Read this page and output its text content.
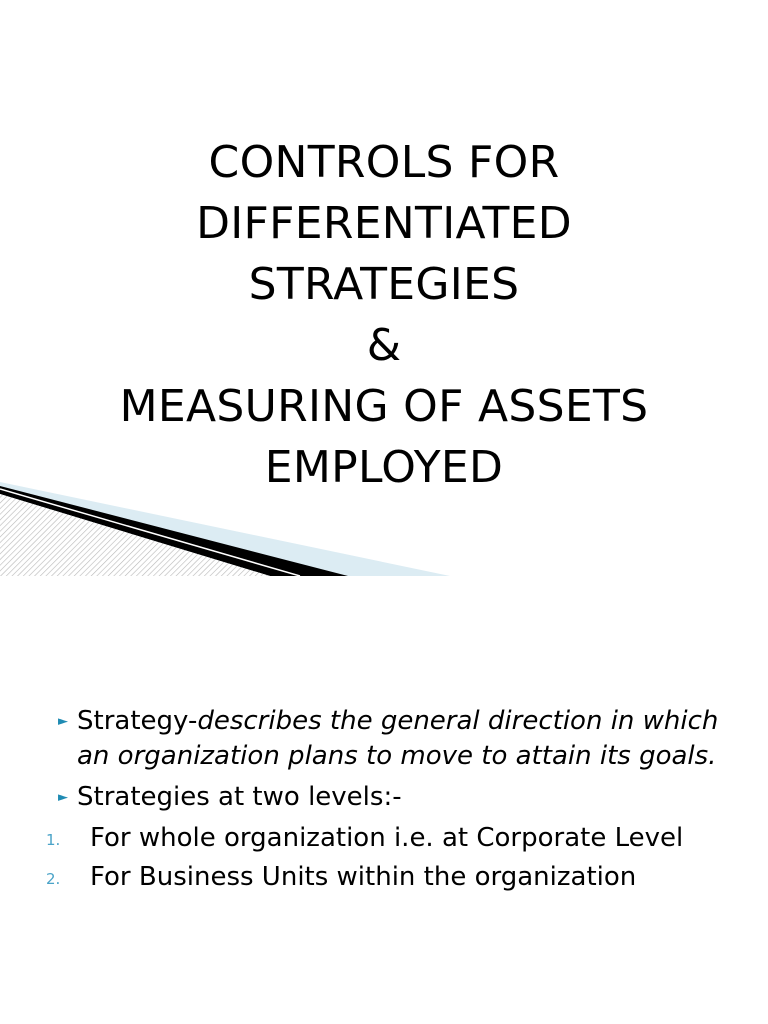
CONTROLS FOR
DIFFERENTIATED
STRATEGIES
&
MEASURING OF ASSETS
EMPLOYED
► Strategy-describes the general direction in which an organization plans to move to attain its goals.
► Strategies at two levels:-
1. For whole organization i.e. at Corporate Level
2. For Business Units within the organization
